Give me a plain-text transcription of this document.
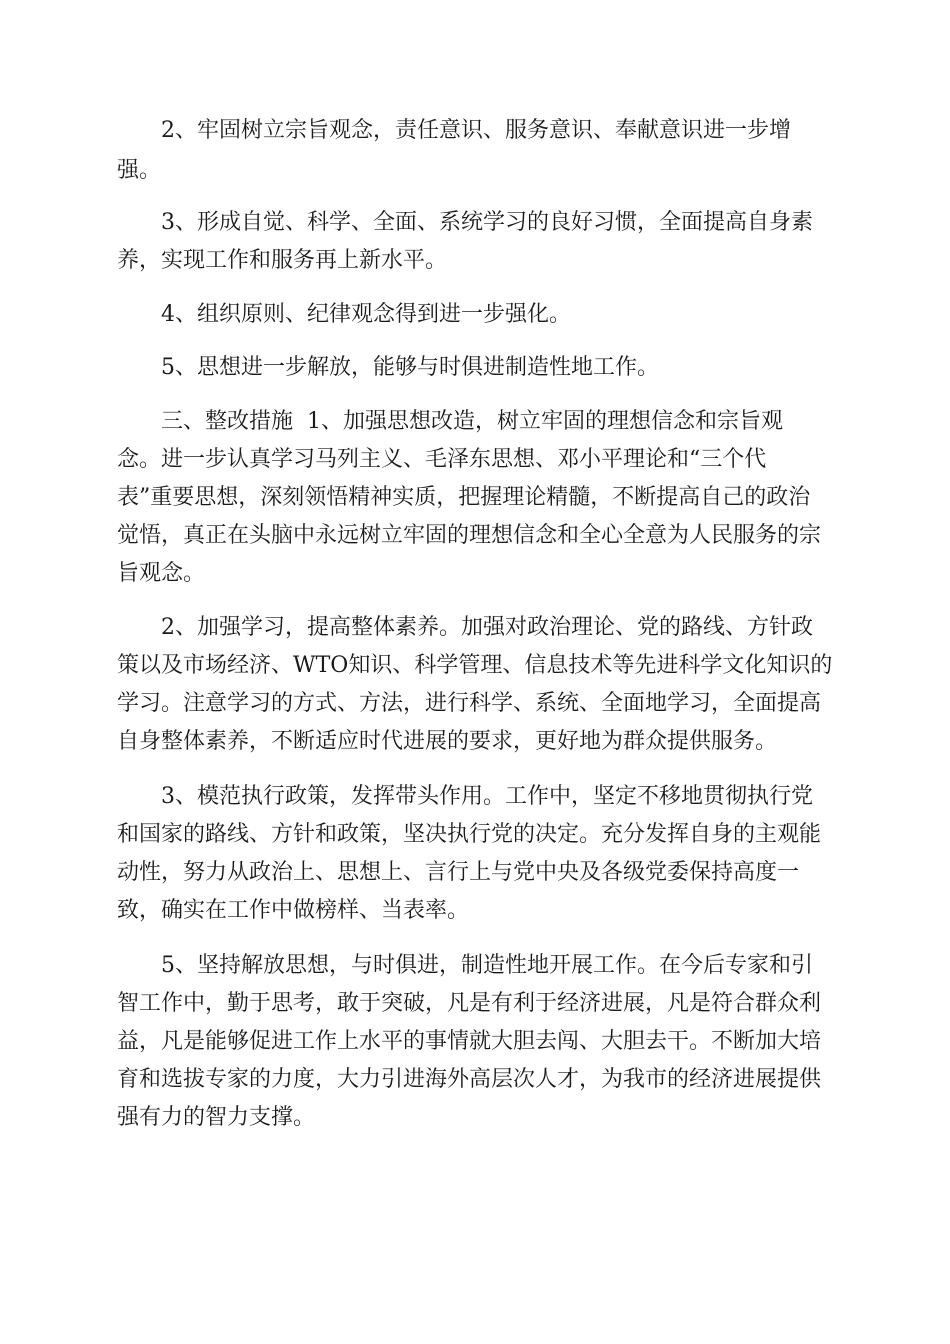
2、牢固树立宗旨观念，责任意识、服务意识、奉献意识进一步增
强。
3、形成自觉、科学、全面、系统学习的良好习惯，全面提高自身素
养，实现工作和服务再上新水平。
4、组织原则、纪律观念得到进一步强化。
5、思想进一步解放，能够与时俱进制造性地工作。
三、整改措施  1、加强思想改造，树立牢固的理想信念和宗旨观
念。进一步认真学习马列主义、毛泽东思想、邓小平理论和“三个代
表”重要思想，深刻领悟精神实质，把握理论精髓，不断提高自己的政治
觉悟，真正在头脑中永远树立牢固的理想信念和全心全意为人民服务的宗
旨观念。
2、加强学习，提高整体素养。加强对政治理论、党的路线、方针政
策以及市场经济、WTO知识、科学管理、信息技术等先进科学文化知识的
学习。注意学习的方式、方法，进行科学、系统、全面地学习，全面提高
自身整体素养，不断适应时代进展的要求，更好地为群众提供服务。
3、模范执行政策，发挥带头作用。工作中，坚定不移地贯彻执行党
和国家的路线、方针和政策，坚决执行党的决定。充分发挥自身的主观能
动性，努力从政治上、思想上、言行上与党中央及各级党委保持高度一
致，确实在工作中做榜样、当表率。
5、坚持解放思想，与时俱进，制造性地开展工作。在今后专家和引
智工作中，勤于思考，敢于突破，凡是有利于经济进展，凡是符合群众利
益，凡是能够促进工作上水平的事情就大胆去闯、大胆去干。不断加大培
育和选拔专家的力度，大力引进海外高层次人才，为我市的经济进展提供
强有力的智力支撑。
